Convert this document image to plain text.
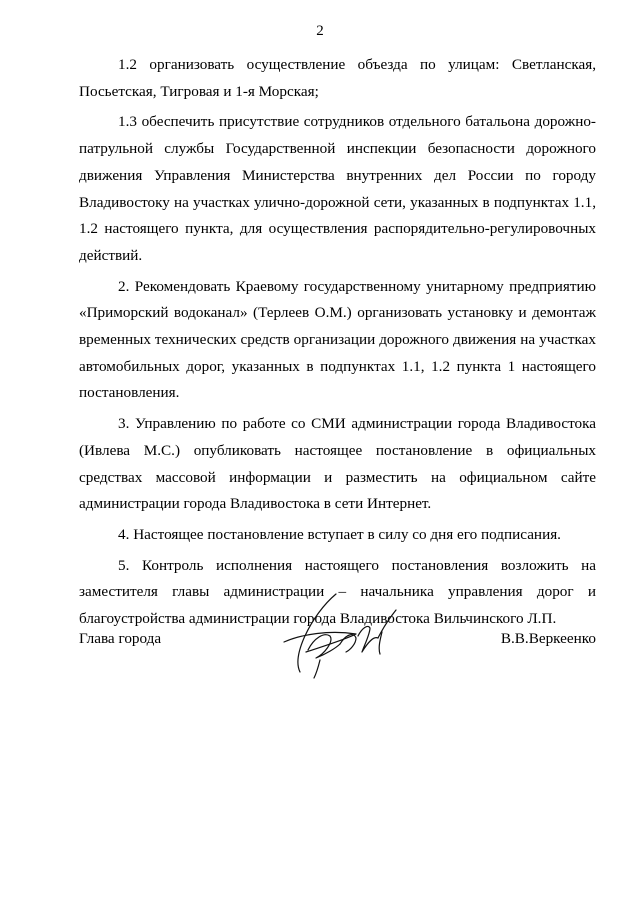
2

1.2 организовать осуществление объезда по улицам: Светланская, Посьетская, Тигровая и 1-я Морская;

1.3 обеспечить присутствие сотрудников отдельного батальона дорожно-патрульной службы Государственной инспекции безопасности дорожного движения Управления Министерства внутренних дел России по городу Владивостоку на участках улично-дорожной сети, указанных в подпунктах 1.1, 1.2 настоящего пункта, для осуществления распорядительно-регулировочных действий.

2. Рекомендовать Краевому государственному унитарному предприятию «Приморский водоканал» (Терлеев О.М.) организовать установку и демонтаж временных технических средств организации дорожного движения на участках автомобильных дорог, указанных в подпунктах 1.1, 1.2 пункта 1 настоящего постановления.

3. Управлению по работе со СМИ администрации города Владивостока (Ивлева М.С.) опубликовать настоящее постановление в официальных средствах массовой информации и разместить на официальном сайте администрации города Владивостока в сети Интернет.

4. Настоящее постановление вступает в силу со дня его подписания.

5. Контроль исполнения настоящего постановления возложить на заместителя главы администрации – начальника управления дорог и благоустройства администрации города Владивостока Вильчинского Л.П.

Глава города	В.В.Веркеенко
